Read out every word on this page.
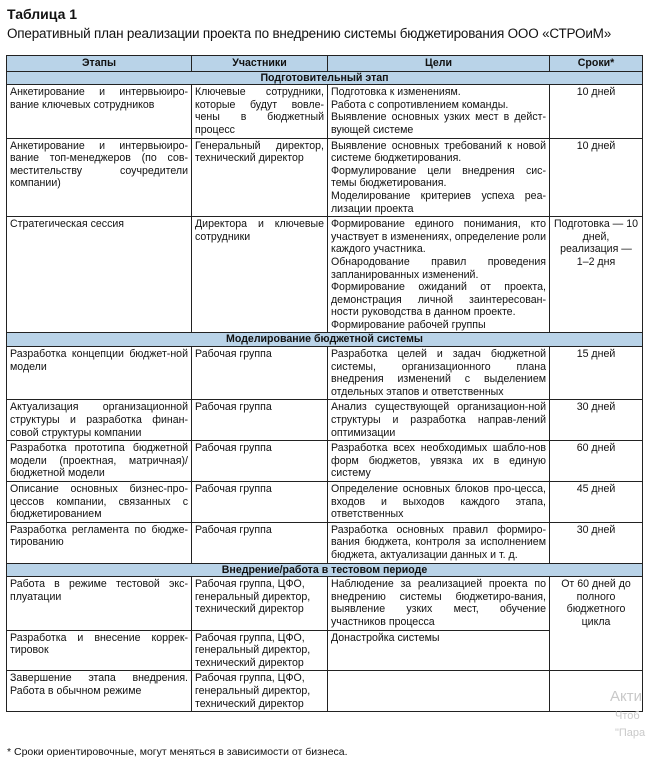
Таблица 1
Оперативный план реализации проекта по внедрению системы бюджетирования ООО «СТРОиМ»
Этапы	Участники	Цели	Сроки*
Подготовительный этап			
Анкетирование и интервьюиро-вание ключевых сотрудников	Ключевые сотрудники, которые будут вовле-чены в бюджетный процесс	Подготовка к изменениям.
Работа с сопротивлением команды.
Выявление основных узких мест в дейст-вующей системе	10 дней
Анкетирование и интервьюиро-вание топ-менеджеров (по сов-местительству соучредители компании)	Генеральный директор, технический директор	Выявление основных требований к новой системе бюджетирования.
Формулирование цели внедрения сис-темы бюджетирования.
Моделирование критериев успеха реа-лизации проекта	10 дней
Стратегическая сессия	Директора и ключевые сотрудники	Формирование единого понимания, кто участвует в изменениях, определение роли каждого участника.
Обнародование правил проведения запланированных изменений.
Формирование ожиданий от проекта, демонстрация личной заинтересован-ности руководства в данном проекте.
Формирование рабочей группы	Подготовка — 10 дней, реализация — 1–2 дня
Моделирование бюджетной системы			
Разработка концепции бюджет-ной модели	Рабочая группа	Разработка целей и задач бюджетной системы, организационного плана внедрения изменений с выделением отдельных этапов и ответственных	15 дней
Актуализация организационной структуры и разработка финан-совой структуры компании	Рабочая группа	Анализ существующей организацион-ной структуры и разработка направ-лений оптимизации	30 дней
Разработка прототипа бюджетной модели (проектная, матричная)/ бюджетной модели	Рабочая группа	Разработка всех необходимых шабло-нов форм бюджетов, увязка их в единую систему	60 дней
Описание основных бизнес-про-цессов компании, связанных с бюджетированием	Рабочая группа	Определение основных блоков про-цесса, входов и выходов каждого этапа, ответственных	45 дней
Разработка регламента по бюдже-тированию	Рабочая группа	Разработка основных правил формиро-вания бюджета, контроля за исполнением бюджета, актуализации данных и т. д.	30 дней
Внедрение/работа в тестовом периоде			
Работа в режиме тестовой экс-плуатации	Рабочая группа, ЦФО, генеральный директор, технический директор	Наблюдение за реализацией проекта по внедрению системы бюджетиро-вания, выявление узких мест, обучение участников процесса	От 60 дней до полного бюджетного цикла
Разработка и внесение коррек-тировок	Рабочая группа, ЦФО, генеральный директор, технический директор	Донастройка системы	

Завершение этапа внедрения. Работа в обычном режиме	Рабочая группа, ЦФО, генеральный директор, технический директор		
* Сроки ориентировочные, могут меняться в зависимости от бизнеса.
Акти
Чтоб
"Пара
